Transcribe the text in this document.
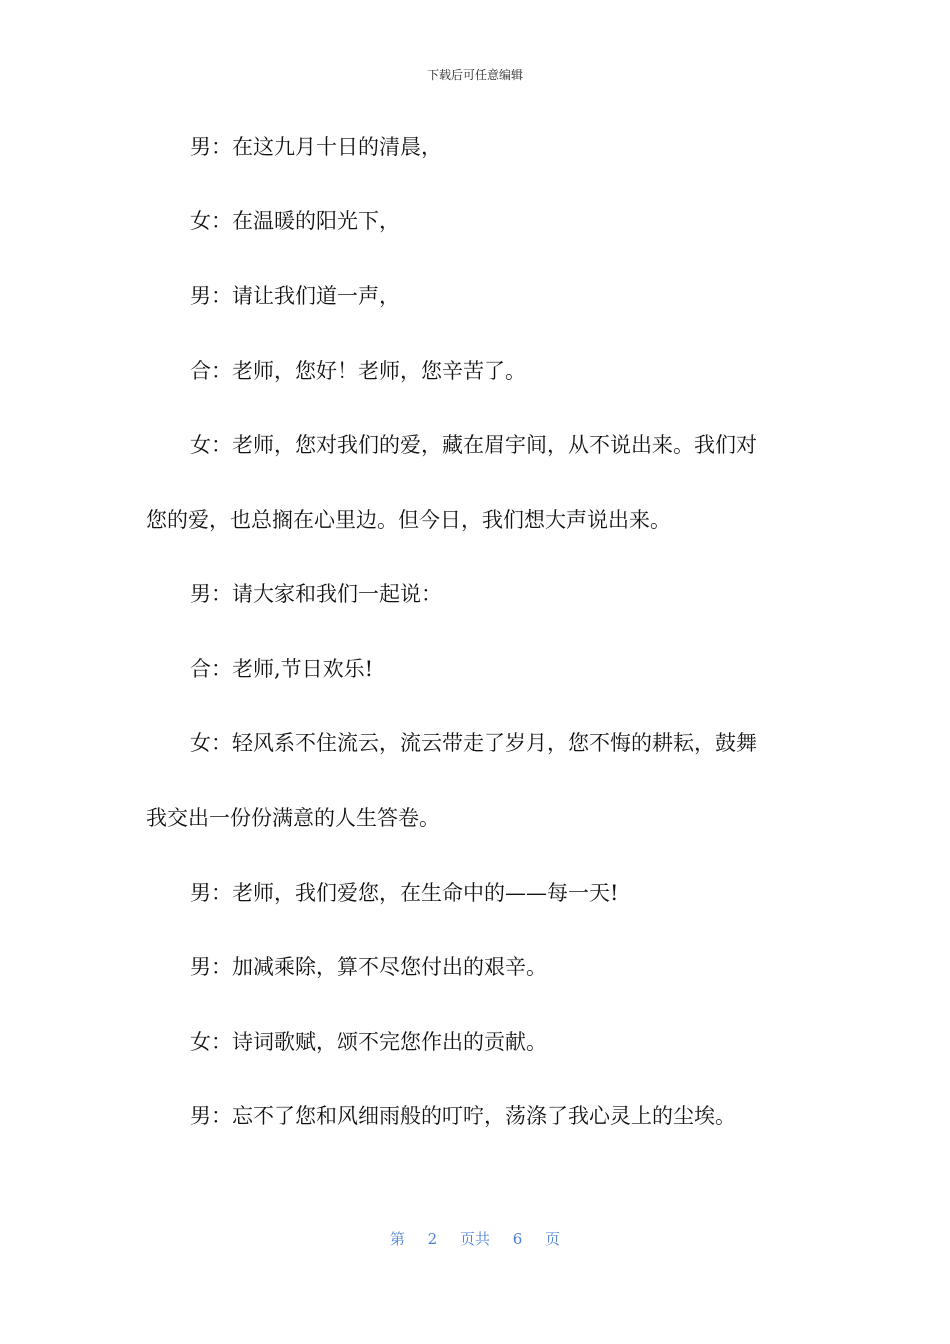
下载后可任意编辑
男：在这九月十日的清晨，
女：在温暖的阳光下，
男：请让我们道一声，
合：老师，您好！老师，您辛苦了。
女：老师，您对我们的爱，藏在眉宇间，从不说出来。我们对
您的爱，也总搁在心里边。但今日，我们想大声说出来。
男：请大家和我们一起说：
合：老师,节日欢乐!
女：轻风系不住流云，流云带走了岁月，您不悔的耕耘，鼓舞
我交出一份份满意的人生答卷。
男：老师，我们爱您，在生命中的——每一天!
男：加减乘除，算不尽您付出的艰辛。
女：诗词歌赋，颂不完您作出的贡献。
男：忘不了您和风细雨般的叮咛，荡涤了我心灵上的尘埃。
第 2 页共 6 页
